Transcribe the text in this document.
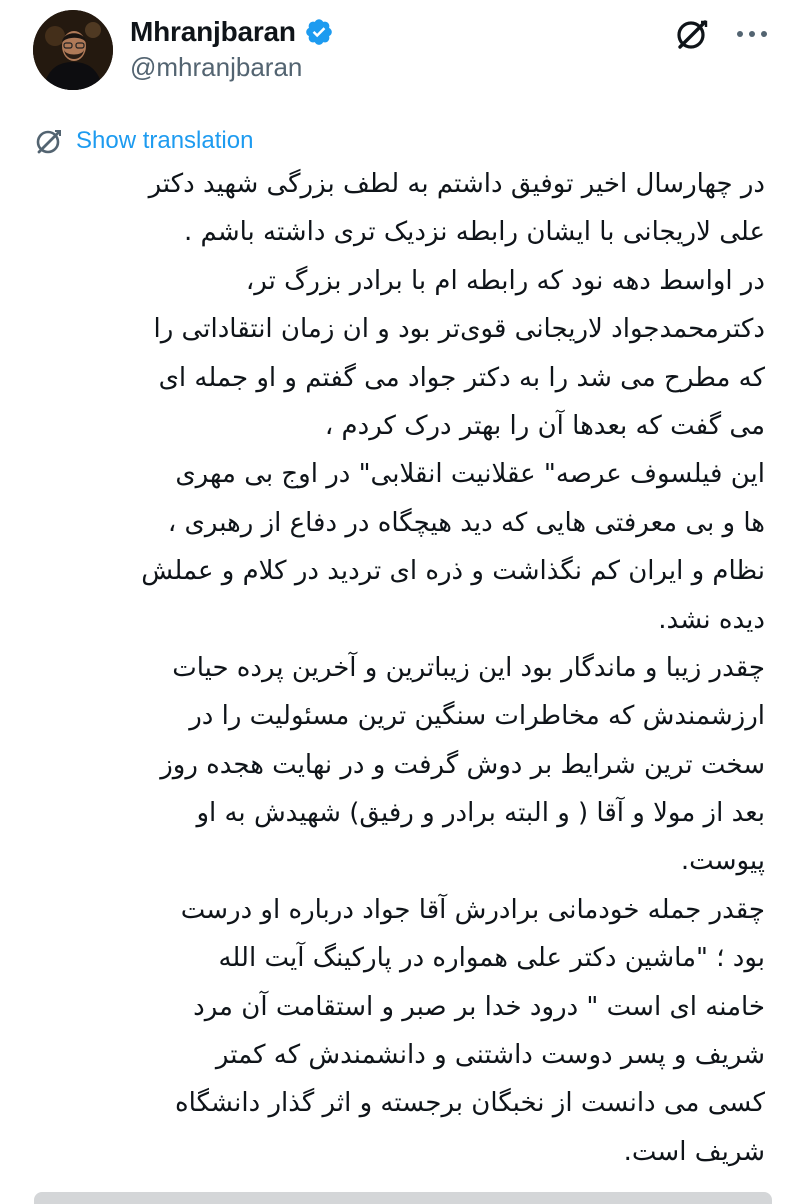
Mhranjbaran
@mhranjbaran
Show translation
در چهارسال اخیر توفیق داشتم به لطف بزرگی شهید دکتر
علی لاریجانی با ایشان رابطه نزدیک تری داشته باشم .
در اواسط دهه نود که رابطه ام با برادر بزرگ تر،
دکترمحمدجواد لاریجانی قوی‌تر بود و ان زمان انتقاداتی را
که مطرح می شد را به دکتر جواد می گفتم و او جمله ای
می گفت که بعدها آن را بهتر درک کردم ،
این فیلسوف عرصه" عقلانیت انقلابی" در اوج بی مهری
ها و بی معرفتی هایی که دید هیچگاه در دفاع از رهبری ،
نظام و ایران کم نگذاشت و ذره ای تردید در کلام و عملش
دیده نشد.
چقدر زیبا و ماندگار بود این زیباترین و آخرین پرده حیات
ارزشمندش که مخاطرات سنگین ترین مسئولیت را در
سخت ترین شرایط بر دوش گرفت و در نهایت هجده روز
بعد از مولا و آقا ( و البته برادر و رفیق) شهیدش به او
پیوست.
چقدر جمله خودمانی برادرش آقا جواد درباره او درست
بود ؛ "ماشین دکتر علی همواره در پارکینگ آیت الله
خامنه ای است " درود خدا بر صبر و استقامت آن مرد
شریف و پسر دوست داشتنی و دانشمندش که کمتر
کسی می دانست از نخبگان برجسته و اثر گذار دانشگاه
شریف است.
